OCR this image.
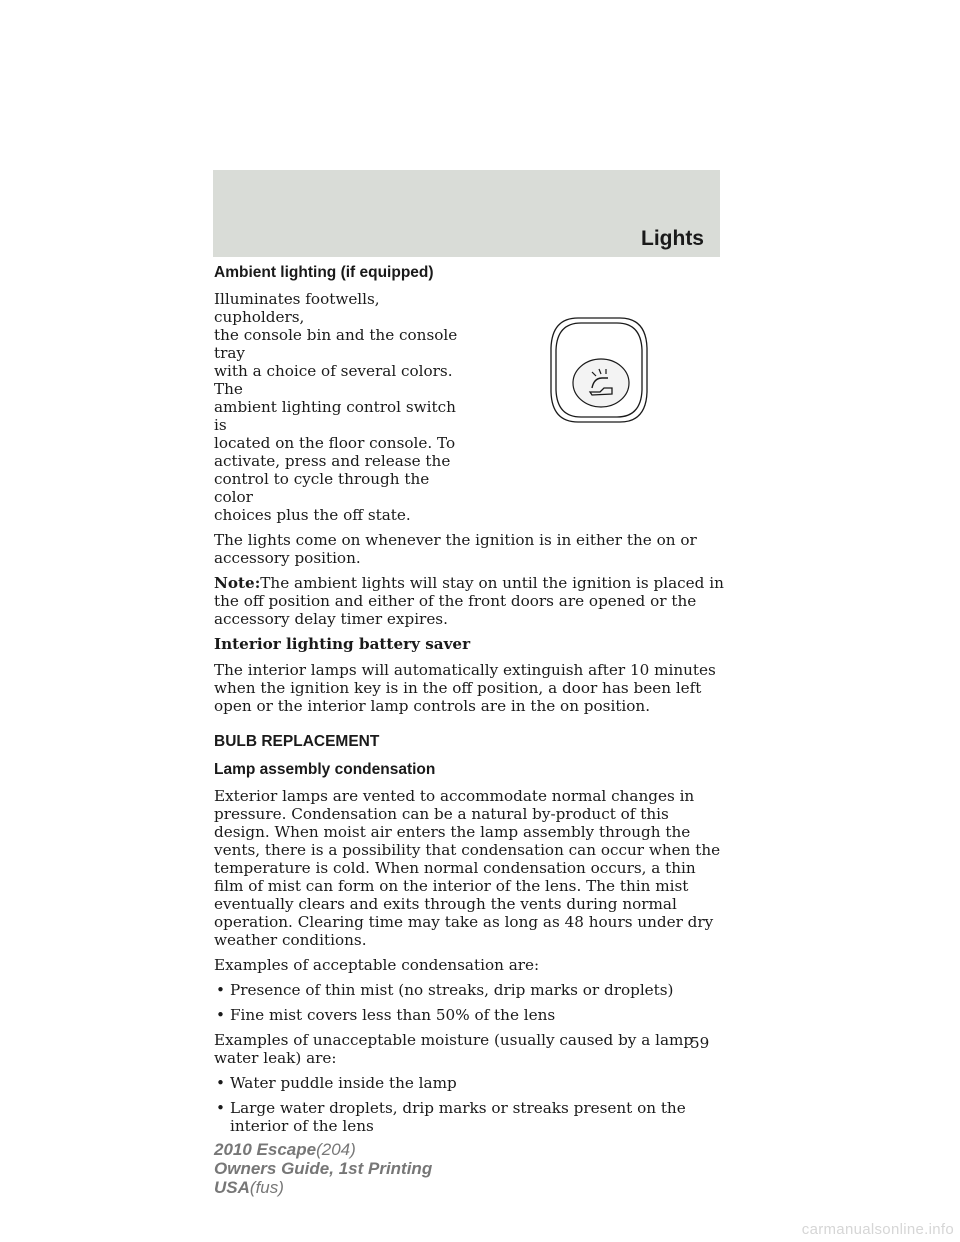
Lights
Ambient lighting (if equipped)

Illuminates footwells, cupholders,
the console bin and the console tray
with a choice of several colors. The
ambient lighting control switch is
located on the floor console. To
activate, press and release the
control to cycle through the color
choices plus the off state.

The lights come on whenever the ignition is in either the on or accessory position.

Note:The ambient lights will stay on until the ignition is placed in the off position and either of the front doors are opened or the accessory delay timer expires.

Interior lighting battery saver

The interior lamps will automatically extinguish after 10 minutes when the ignition key is in the off position, a door has been left open or the interior lamp controls are in the on position.

BULB REPLACEMENT
Lamp assembly condensation

Exterior lamps are vented to accommodate normal changes in pressure. Condensation can be a natural by-product of this design. When moist air enters the lamp assembly through the vents, there is a possibility that condensation can occur when the temperature is cold. When normal condensation occurs, a thin film of mist can form on the interior of the lens. The thin mist eventually clears and exits through the vents during normal operation. Clearing time may take as long as 48 hours under dry weather conditions.

Examples of acceptable condensation are:

• Presence of thin mist (no streaks, drip marks or droplets)
• Fine mist covers less than 50% of the lens

Examples of unacceptable moisture (usually caused by a lamp water leak) are:

• Water puddle inside the lamp
• Large water droplets, drip marks or streaks present on the interior of the lens
59
2010 Escape(204)
Owners Guide, 1st Printing
USA(fus)
carmanualsonline.info
